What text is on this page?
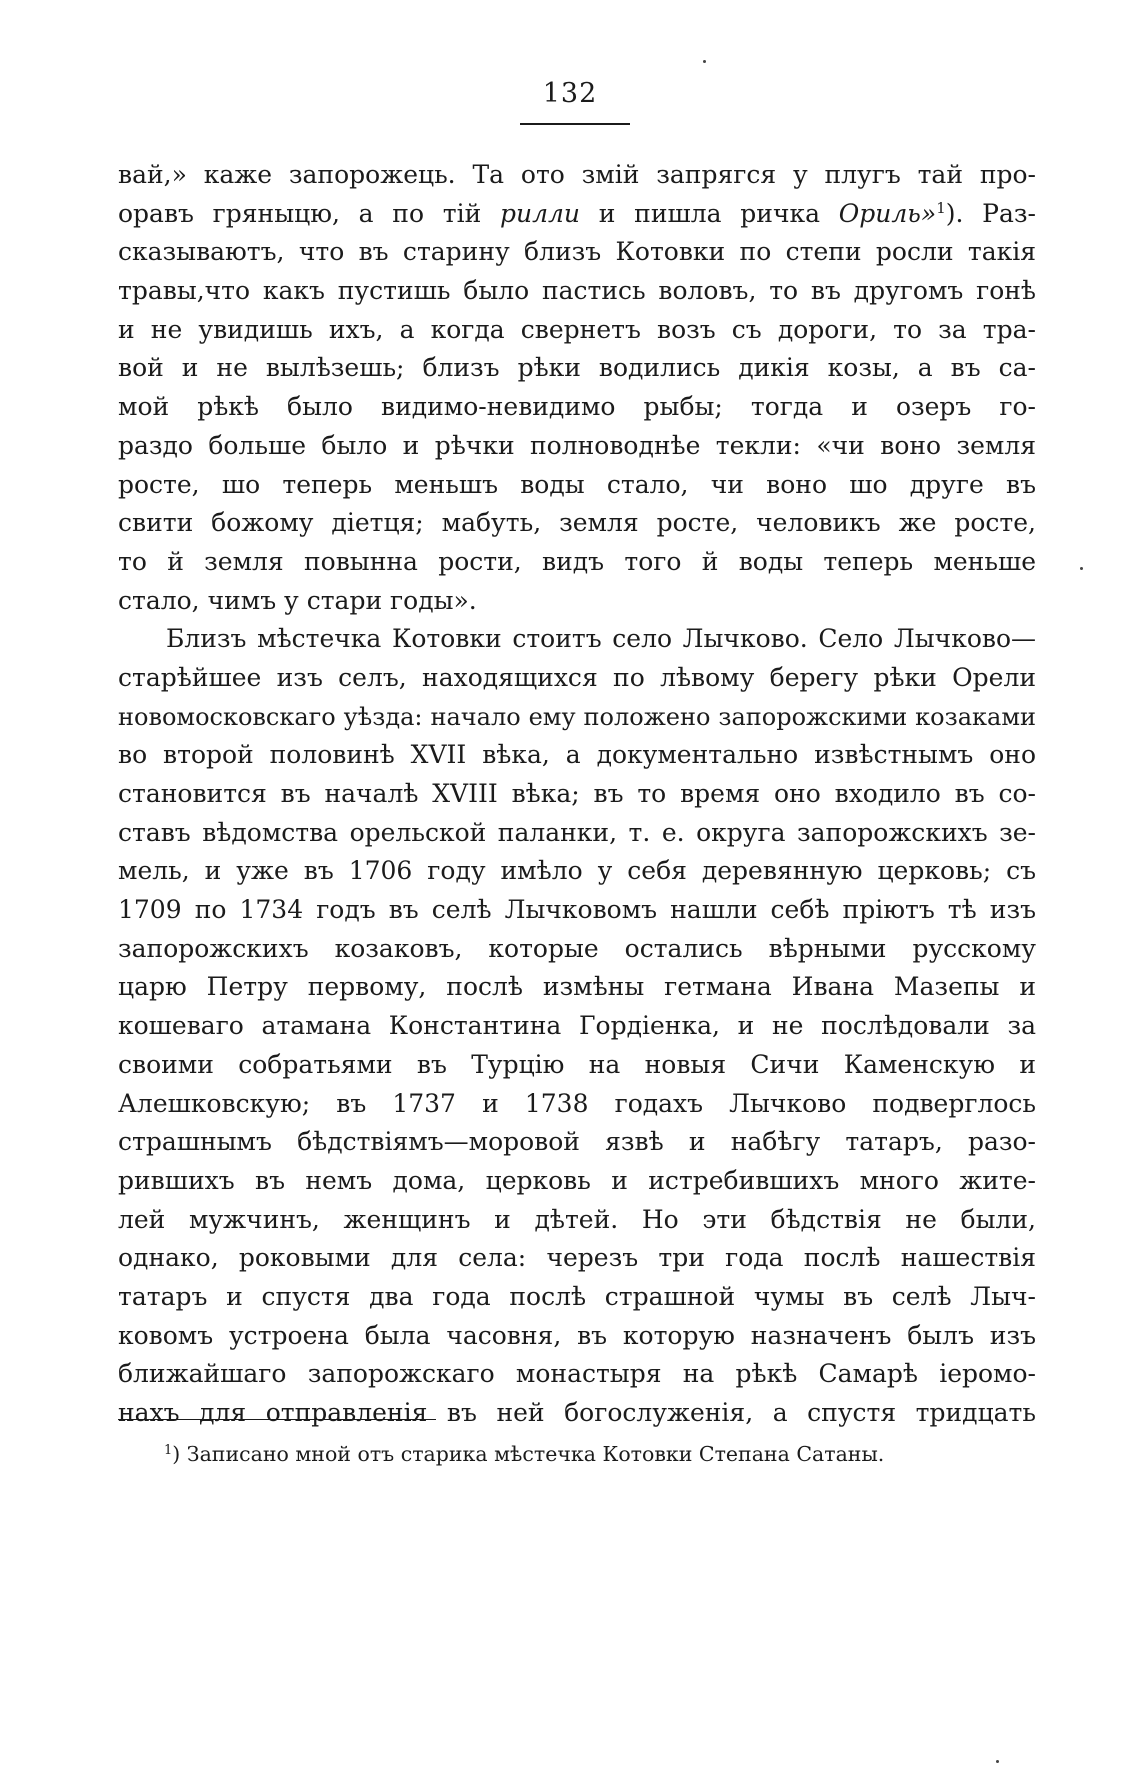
132
вай,» каже запорожець. Та ото змій запрягся у плугъ тай про-
оравъ гряныцю, а по тій рилли и пишла ричка Ориль»$^1$). Раз-
сказываютъ, что въ старину близъ Котовки по степи росли такія
травы,что какъ пустишь было пастись воловъ, то въ другомъ гонѣ
и не увидишь ихъ, а когда свернетъ возъ съ дороги, то за тра-
вой и не вылѣзешь; близъ рѣки водились дикія козы, а въ са-
мой рѣкѣ было видимо-невидимо рыбы; тогда и озеръ го-
раздо больше было и рѣчки полноводнѣе текли: «чи воно земля
росте, шо теперь меньшъ воды стало, чи воно шо друге въ
свити божому діетця; мабуть, земля росте, человикъ же росте,
то й земля повынна рости, видъ того й воды теперь меньше
стало, чимъ у стари годы».
Близъ мѣстечка Котовки стоитъ село Лычково. Село Лычково—
старѣйшее изъ селъ, находящихся по лѣвому берегу рѣки Орели
новомосковскаго уѣзда: начало ему положено запорожскими козаками
во второй половинѣ XVII вѣка, а документально извѣстнымъ оно
становится въ началѣ XVIII вѣка; въ то время оно входило въ со-
ставъ вѣдомства орельской паланки, т. е. округа запорожскихъ зе-
мель, и уже въ 1706 году имѣло у себя деревянную церковь; съ
1709 по 1734 годъ въ селѣ Лычковомъ нашли себѣ пріютъ тѣ изъ
запорожскихъ козаковъ, которые остались вѣрными русскому
царю Петру первому, послѣ измѣны гетмана Ивана Мазепы и
кошеваго атамана Константина Гордіенка, и не послѣдовали за
своими собратьями въ Турцію на новыя Сичи Каменскую и
Алешковскую; въ 1737 и 1738 годахъ Лычково подверглось
страшнымъ бѣдствіямъ—моровой язвѣ и набѣгу татаръ, разо-
рившихъ въ немъ дома, церковь и истребившихъ много жите-
лей мужчинъ, женщинъ и дѣтей. Но эти бѣдствія не были,
однако, роковыми для села: черезъ три года послѣ нашествія
татаръ и спустя два года послѣ страшной чумы въ селѣ Лыч-
ковомъ устроена была часовня, въ которую назначенъ былъ изъ
ближайшаго запорожскаго монастыря на рѣкѣ Самарѣ іеромо-
нахъ для отправленія въ ней богослуженія, а спустя тридцать
$^1$) Записано мной отъ старика мѣстечка Котовки Степана Сатаны.
